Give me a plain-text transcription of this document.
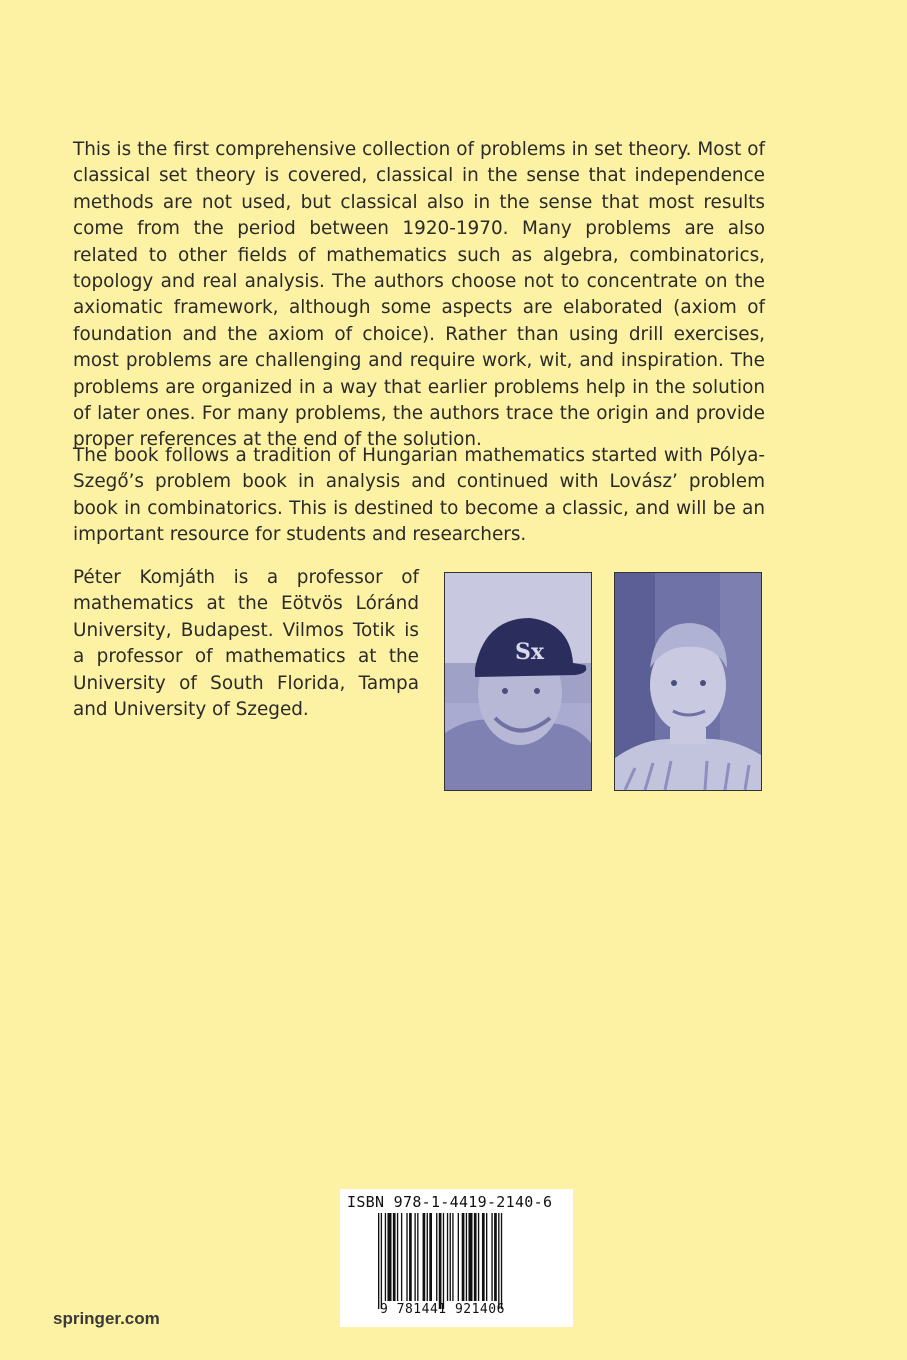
This is the first comprehensive collection of problems in set theory. Most of classical set theory is covered, classical in the sense that independence methods are not used, but classical also in the sense that most results come from the period between 1920-1970. Many problems are also related to other fields of mathematics such as algebra, combinatorics, topology and real analysis. The authors choose not to concentrate on the axiomatic framework, although some aspects are elaborated (axiom of foundation and the axiom of choice). Rather than using drill exercises, most problems are challenging and require work, wit, and inspiration. The problems are organized in a way that earlier problems help in the solution of later ones. For many problems, the authors trace the origin and provide proper references at the end of the solution.

The book follows a tradition of Hungarian mathematics started with Pólya-Szegő’s problem book in analysis and continued with Lovász’ problem book in combinatorics. This is destined to become a classic, and will be an important resource for students and researchers.

Péter Komjáth is a professor of mathematics at the Eötvös Lóránd University, Budapest. Vilmos Totik is a professor of mathematics at the University of South Florida, Tampa and University of Szeged.

Sx
springer.com
ISBN 978-1-4419-2140-6
9 781441 921406
